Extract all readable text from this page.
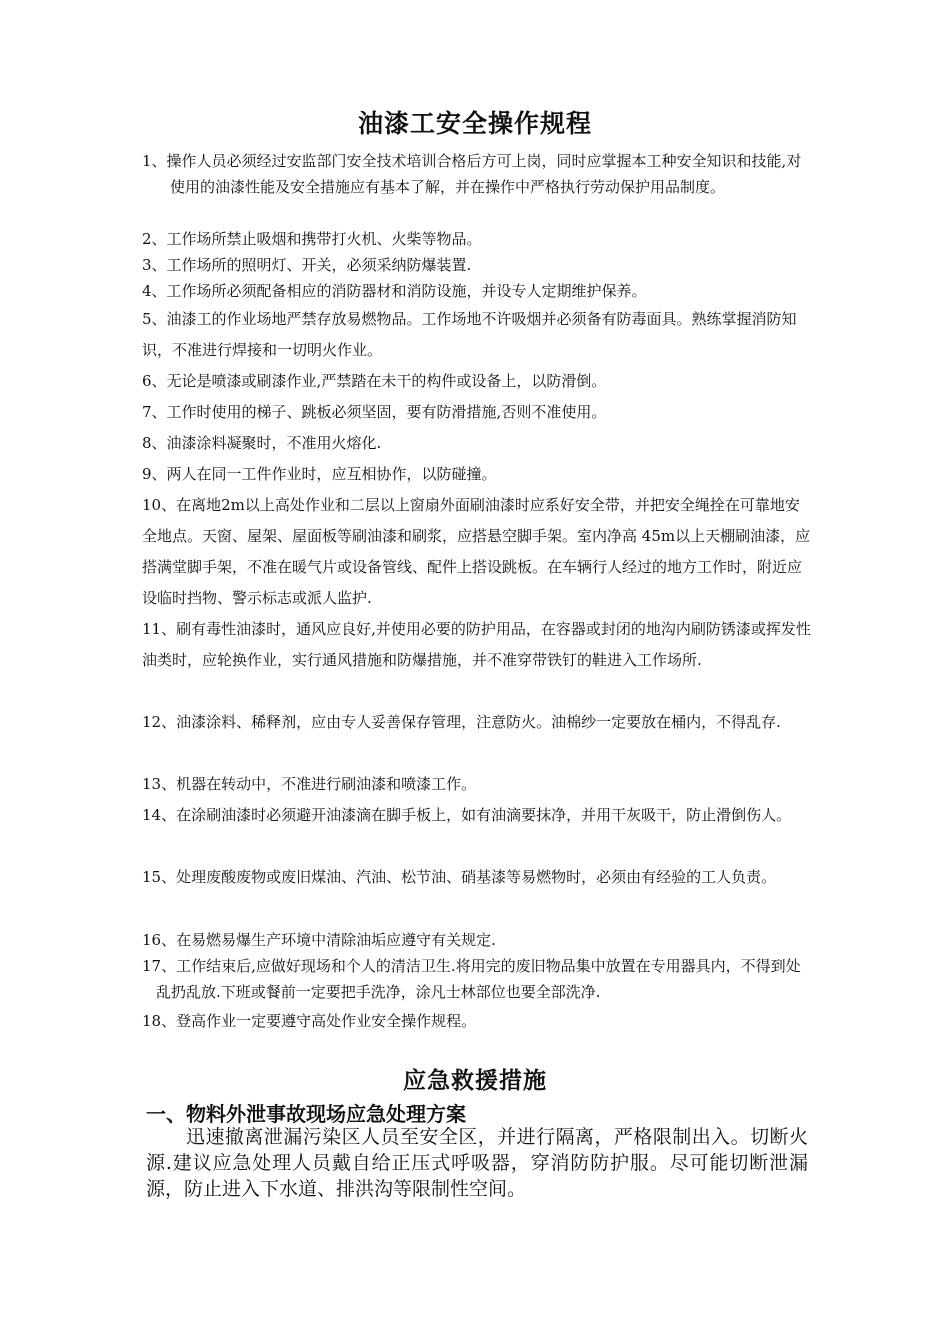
油漆工安全操作规程
1、操作人员必须经过安监部门安全技术培训合格后方可上岗，同时应掌握本工种安全知识和技能,对使用的油漆性能及安全措施应有基本了解，并在操作中严格执行劳动保护用品制度。
2、工作场所禁止吸烟和携带打火机、火柴等物品。
3、工作场所的照明灯、开关，必须采纳防爆装置.
4、工作场所必须配备相应的消防器材和消防设施，并设专人定期维护保养。
5、油漆工的作业场地严禁存放易燃物品。工作场地不许吸烟并必须备有防毒面具。熟练掌握消防知识，不准进行焊接和一切明火作业。
6、无论是喷漆或刷漆作业,严禁踏在未干的构件或设备上，以防滑倒。
7、工作时使用的梯子、跳板必须坚固，要有防滑措施,否则不准使用。
8、油漆涂料凝聚时，不准用火熔化.
9、两人在同一工件作业时，应互相协作，以防碰撞。
10、在离地2m以上高处作业和二层以上窗扇外面刷油漆时应系好安全带，并把安全绳拴在可靠地安全地点。天窗、屋架、屋面板等刷油漆和刷浆，应搭悬空脚手架。室内净高 45m以上天棚刷油漆，应搭满堂脚手架，不准在暖气片或设备管线、配件上搭设跳板。在车辆行人经过的地方工作时，附近应设临时挡物、警示标志或派人监护.
11、刷有毒性油漆时，通风应良好,并使用必要的防护用品，在容器或封闭的地沟内刷防锈漆或挥发性油类时，应轮换作业，实行通风措施和防爆措施，并不准穿带铁钉的鞋进入工作场所.
12、油漆涂料、稀释剂，应由专人妥善保存管理，注意防火。油棉纱一定要放在桶内，不得乱存.
13、机器在转动中，不准进行刷油漆和喷漆工作。
14、在涂刷油漆时必须避开油漆滴在脚手板上，如有油滴要抹净，并用干灰吸干，防止滑倒伤人。
15、处理废酸废物或废旧煤油、汽油、松节油、硝基漆等易燃物时，必须由有经验的工人负责。
16、在易燃易爆生产环境中清除油垢应遵守有关规定.
17、工作结束后,应做好现场和个人的清洁卫生.将用完的废旧物品集中放置在专用器具内，不得到处乱扔乱放.下班或餐前一定要把手洗净，涂凡士林部位也要全部洗净.
18、登高作业一定要遵守高处作业安全操作规程。
应急救援措施
一、物料外泄事故现场应急处理方案
迅速撤离泄漏污染区人员至安全区，并进行隔离，严格限制出入。切断火源.建议应急处理人员戴自给正压式呼吸器，穿消防防护服。尽可能切断泄漏源，防止进入下水道、排洪沟等限制性空间。
